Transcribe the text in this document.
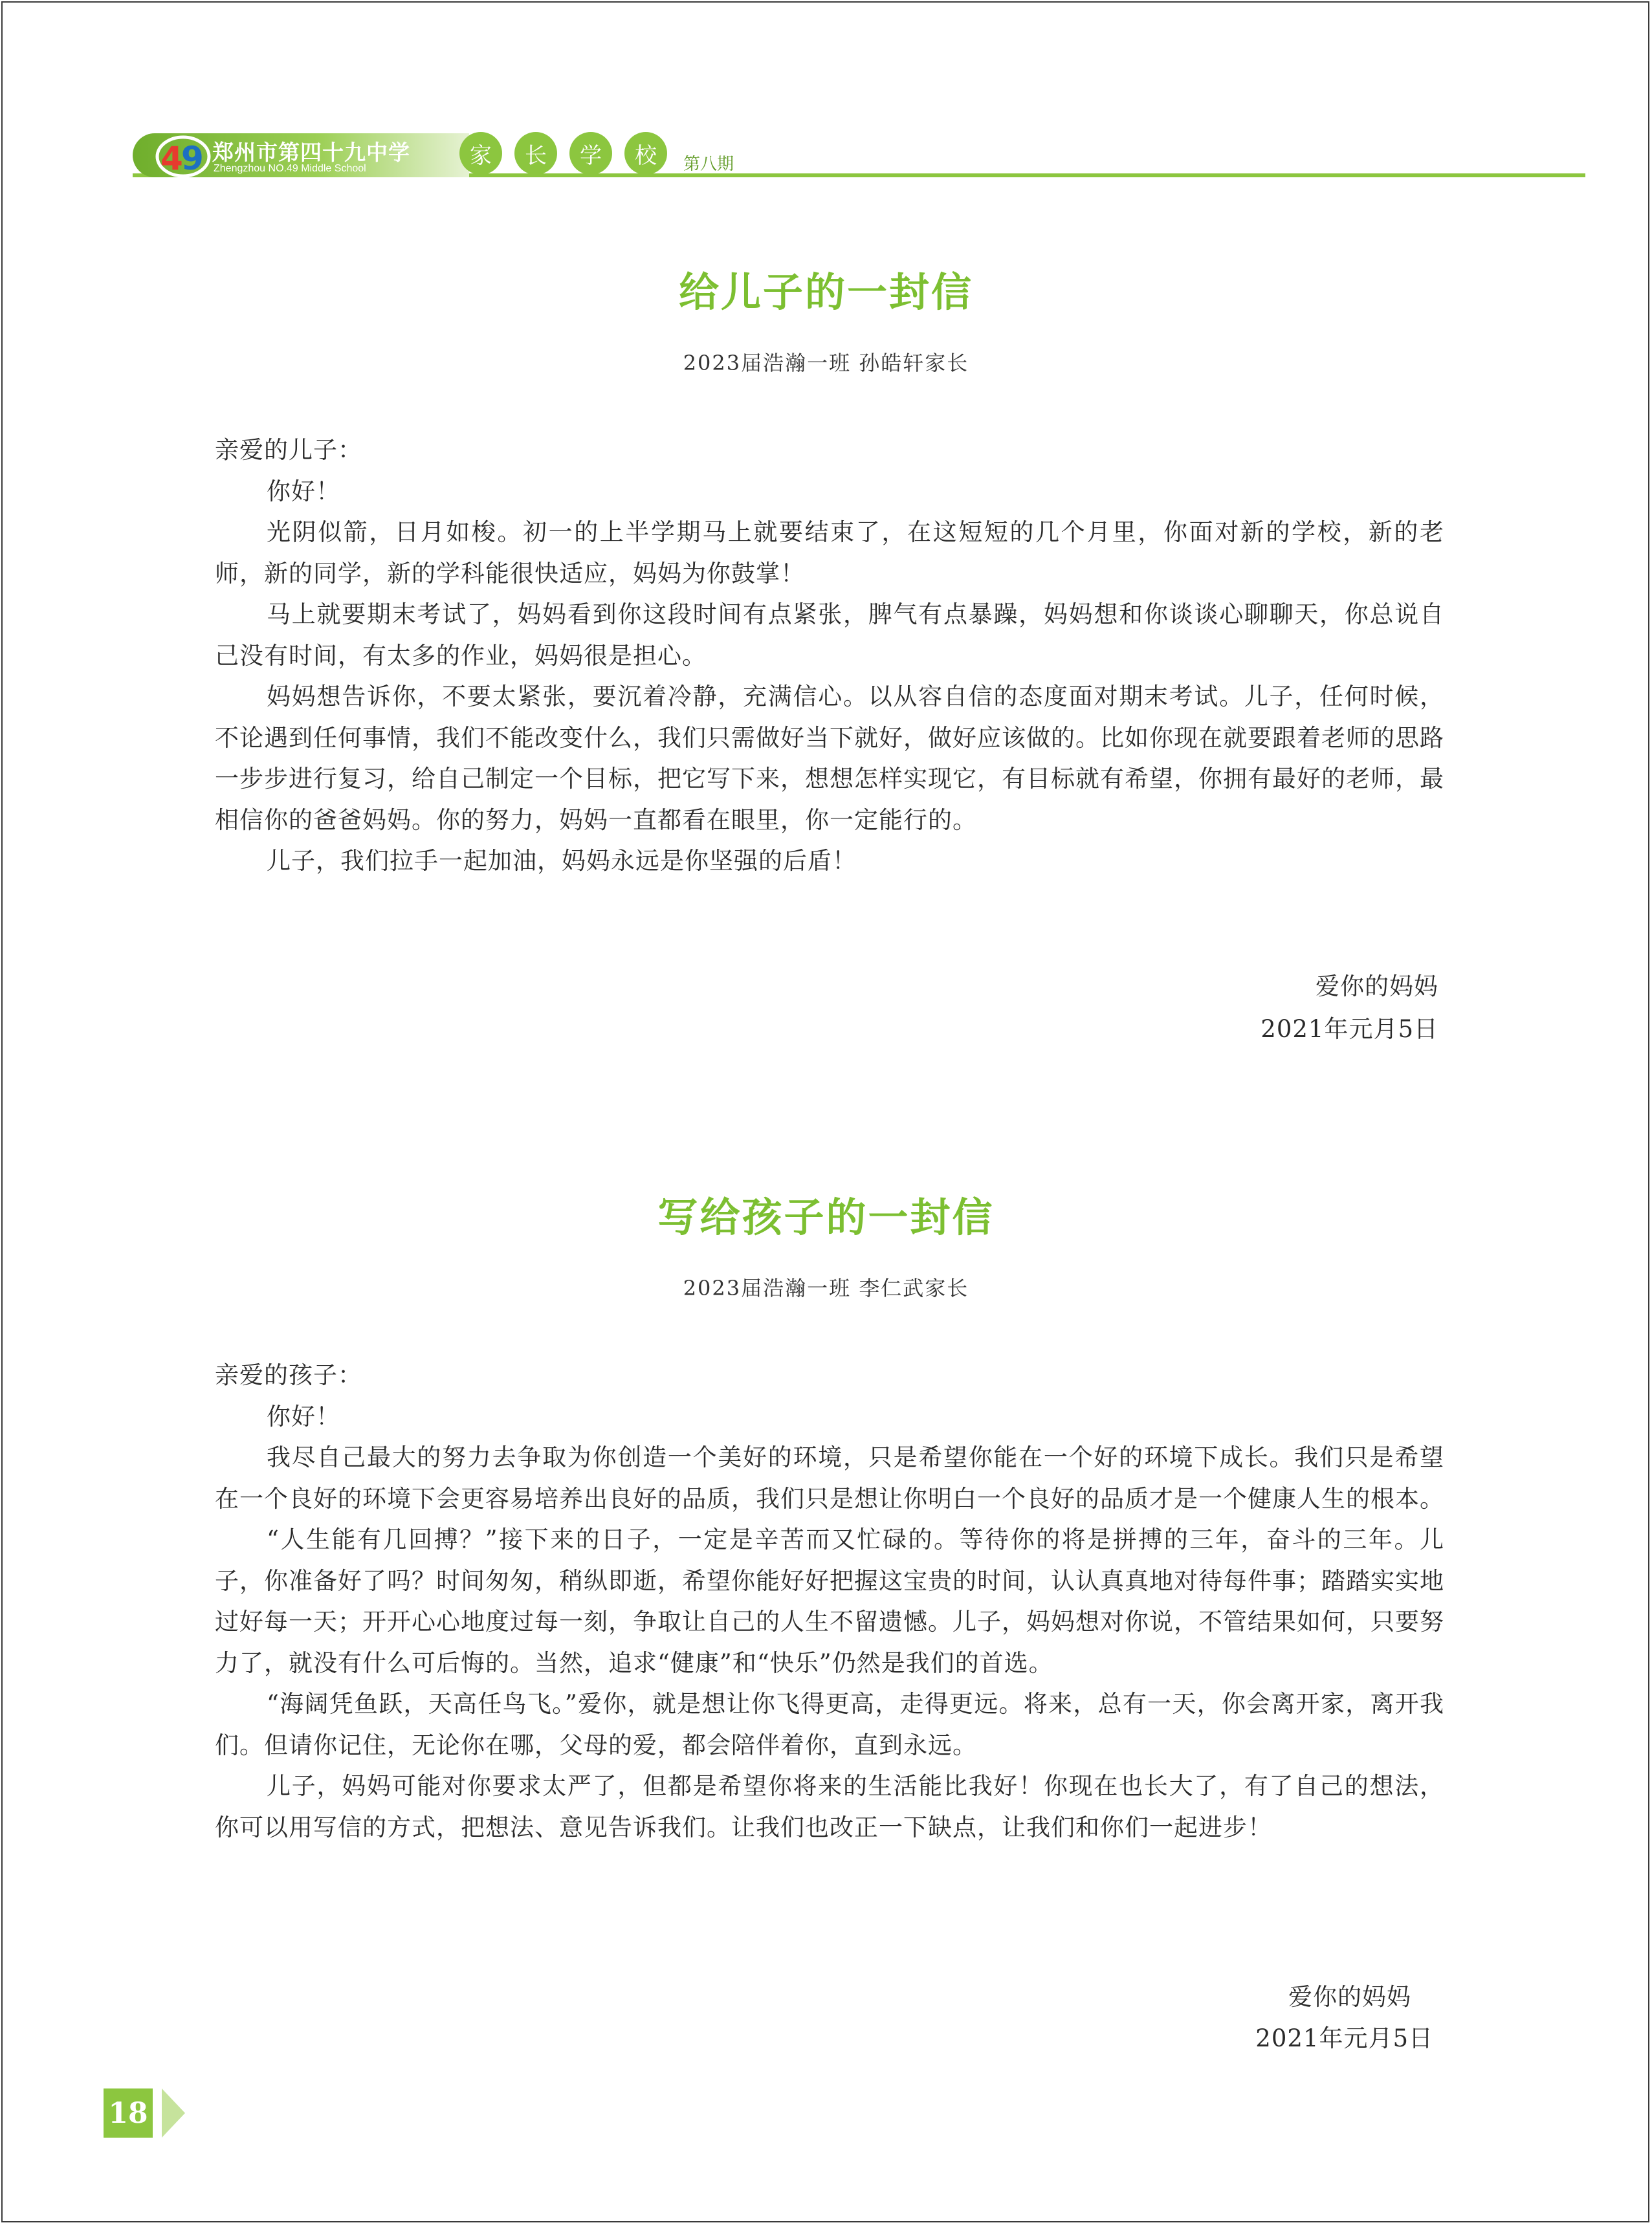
4
9 郑州市第四十九中学
Zhengzhou NO.49 Middle School	家	长	学	校	第八期
给儿子的一封信
2023届浩瀚一班 孙皓轩家长

亲爱的儿子：

你好！

光阴似箭，日月如梭。初一的上半学期马上就要结束了，在这短短的几个月里，你面对新的学校，新的老师，新的同学，新的学科能很快适应，妈妈为你鼓掌！

马上就要期末考试了，妈妈看到你这段时间有点紧张，脾气有点暴躁，妈妈想和你谈谈心聊聊天，你总说自己没有时间，有太多的作业，妈妈很是担心。

妈妈想告诉你，不要太紧张，要沉着冷静，充满信心。以从容自信的态度面对期末考试。儿子，任何时候，不论遇到任何事情，我们不能改变什么，我们只需做好当下就好，做好应该做的。比如你现在就要跟着老师的思路一步步进行复习，给自己制定一个目标，把它写下来，想想怎样实现它，有目标就有希望，你拥有最好的老师，最相信你的爸爸妈妈。你的努力，妈妈一直都看在眼里，你一定能行的。

儿子，我们拉手一起加油，妈妈永远是你坚强的后盾！

爱你的妈妈
2021年元月5日
写给孩子的一封信
2023届浩瀚一班 李仁武家长

亲爱的孩子：

你好！

我尽自己最大的努力去争取为你创造一个美好的环境，只是希望你能在一个好的环境下成长。我们只是希望在一个良好的环境下会更容易培养出良好的品质，我们只是想让你明白一个良好的品质才是一个健康人生的根本。

“人生能有几回搏？”接下来的日子，一定是辛苦而又忙碌的。等待你的将是拼搏的三年，奋斗的三年。儿子，你准备好了吗？时间匆匆，稍纵即逝，希望你能好好把握这宝贵的时间，认认真真地对待每件事；踏踏实实地过好每一天；开开心心地度过每一刻，争取让自己的人生不留遗憾。儿子，妈妈想对你说，不管结果如何，只要努力了，就没有什么可后悔的。当然，追求“健康”和“快乐”仍然是我们的首选。

“海阔凭鱼跃，天高任鸟飞。”爱你，就是想让你飞得更高，走得更远。将来，总有一天，你会离开家，离开我们。但请你记住，无论你在哪，父母的爱，都会陪伴着你，直到永远。

儿子，妈妈可能对你要求太严了，但都是希望你将来的生活能比我好！你现在也长大了，有了自己的想法，你可以用写信的方式，把想法、意见告诉我们。让我们也改正一下缺点，让我们和你们一起进步！

爱你的妈妈
2021年元月5日
18
